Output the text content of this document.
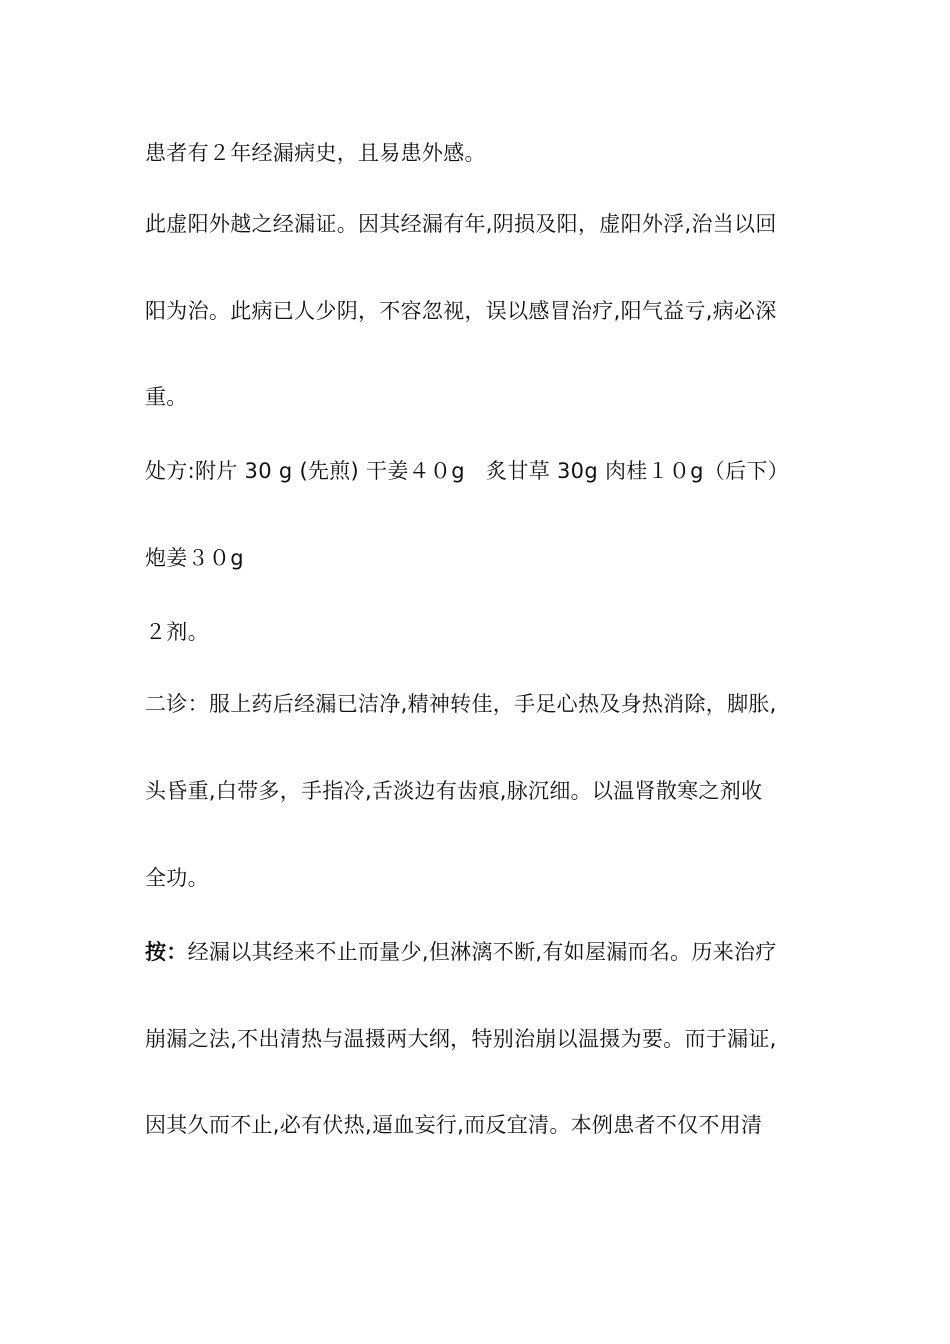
患者有２年经漏病史，且易患外感。
此虚阳外越之经漏证。因其经漏有年,阴损及阳，虚阳外浮,治当以回
阳为治。此病已人少阴，不容忽视，误以感冒治疗,阳气益亏,病必深
重。
处方:附片 30 g (先煎) 干姜４０g　炙甘草 30g 肉桂１０g（后下）
炮姜３０g
２剂。
二诊：服上药后经漏已洁净,精神转佳，手足心热及身热消除，脚胀,
头昏重,白带多，手指冷,舌淡边有齿痕,脉沉细。以温肾散寒之剂收
全功。
按：经漏以其经来不止而量少,但淋漓不断,有如屋漏而名。历来治疗
崩漏之法,不出清热与温摄两大纲，特别治崩以温摄为要。而于漏证,
因其久而不止,必有伏热,逼血妄行,而反宜清。本例患者不仅不用清
